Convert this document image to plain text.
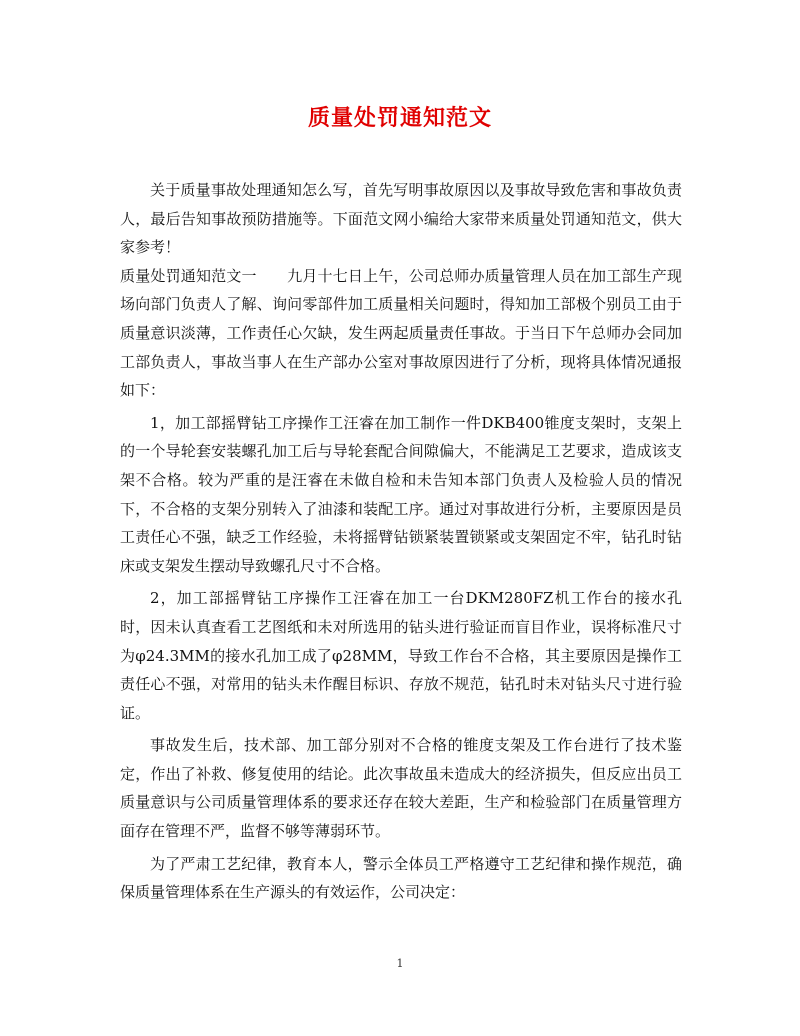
质量处罚通知范文

关于质量事故处理通知怎么写，首先写明事故原因以及事故导致危害和事故负责人，最后告知事故预防措施等。下面范文网小编给大家带来质量处罚通知范文，供大家参考！

质量处罚通知范文一　　九月十七日上午，公司总师办质量管理人员在加工部生产现场向部门负责人了解、询问零部件加工质量相关问题时，得知加工部极个别员工由于质量意识淡薄，工作责任心欠缺，发生两起质量责任事故。于当日下午总师办会同加工部负责人，事故当事人在生产部办公室对事故原因进行了分析，现将具体情况通报如下：

1，加工部摇臂钻工序操作工汪睿在加工制作一件DKB400锥度支架时，支架上的一个导轮套安装螺孔加工后与导轮套配合间隙偏大，不能满足工艺要求，造成该支架不合格。较为严重的是汪睿在未做自检和未告知本部门负责人及检验人员的情况下，不合格的支架分别转入了油漆和装配工序。通过对事故进行分析，主要原因是员工责任心不强，缺乏工作经验，未将摇臂钻锁紧装置锁紧或支架固定不牢，钻孔时钻床或支架发生摆动导致螺孔尺寸不合格。

2，加工部摇臂钻工序操作工汪睿在加工一台DKM280FZ机工作台的接水孔时，因未认真查看工艺图纸和未对所选用的钻头进行验证而盲目作业，误将标准尺寸为φ24.3MM的接水孔加工成了φ28MM，导致工作台不合格，其主要原因是操作工责任心不强，对常用的钻头未作醒目标识、存放不规范，钻孔时未对钻头尺寸进行验证。

事故发生后，技术部、加工部分别对不合格的锥度支架及工作台进行了技术鉴定，作出了补救、修复使用的结论。此次事故虽未造成大的经济损失，但反应出员工质量意识与公司质量管理体系的要求还存在较大差距，生产和检验部门在质量管理方面存在管理不严，监督不够等薄弱环节。

为了严肃工艺纪律，教育本人，警示全体员工严格遵守工艺纪律和操作规范，确保质量管理体系在生产源头的有效运作，公司决定：

1
